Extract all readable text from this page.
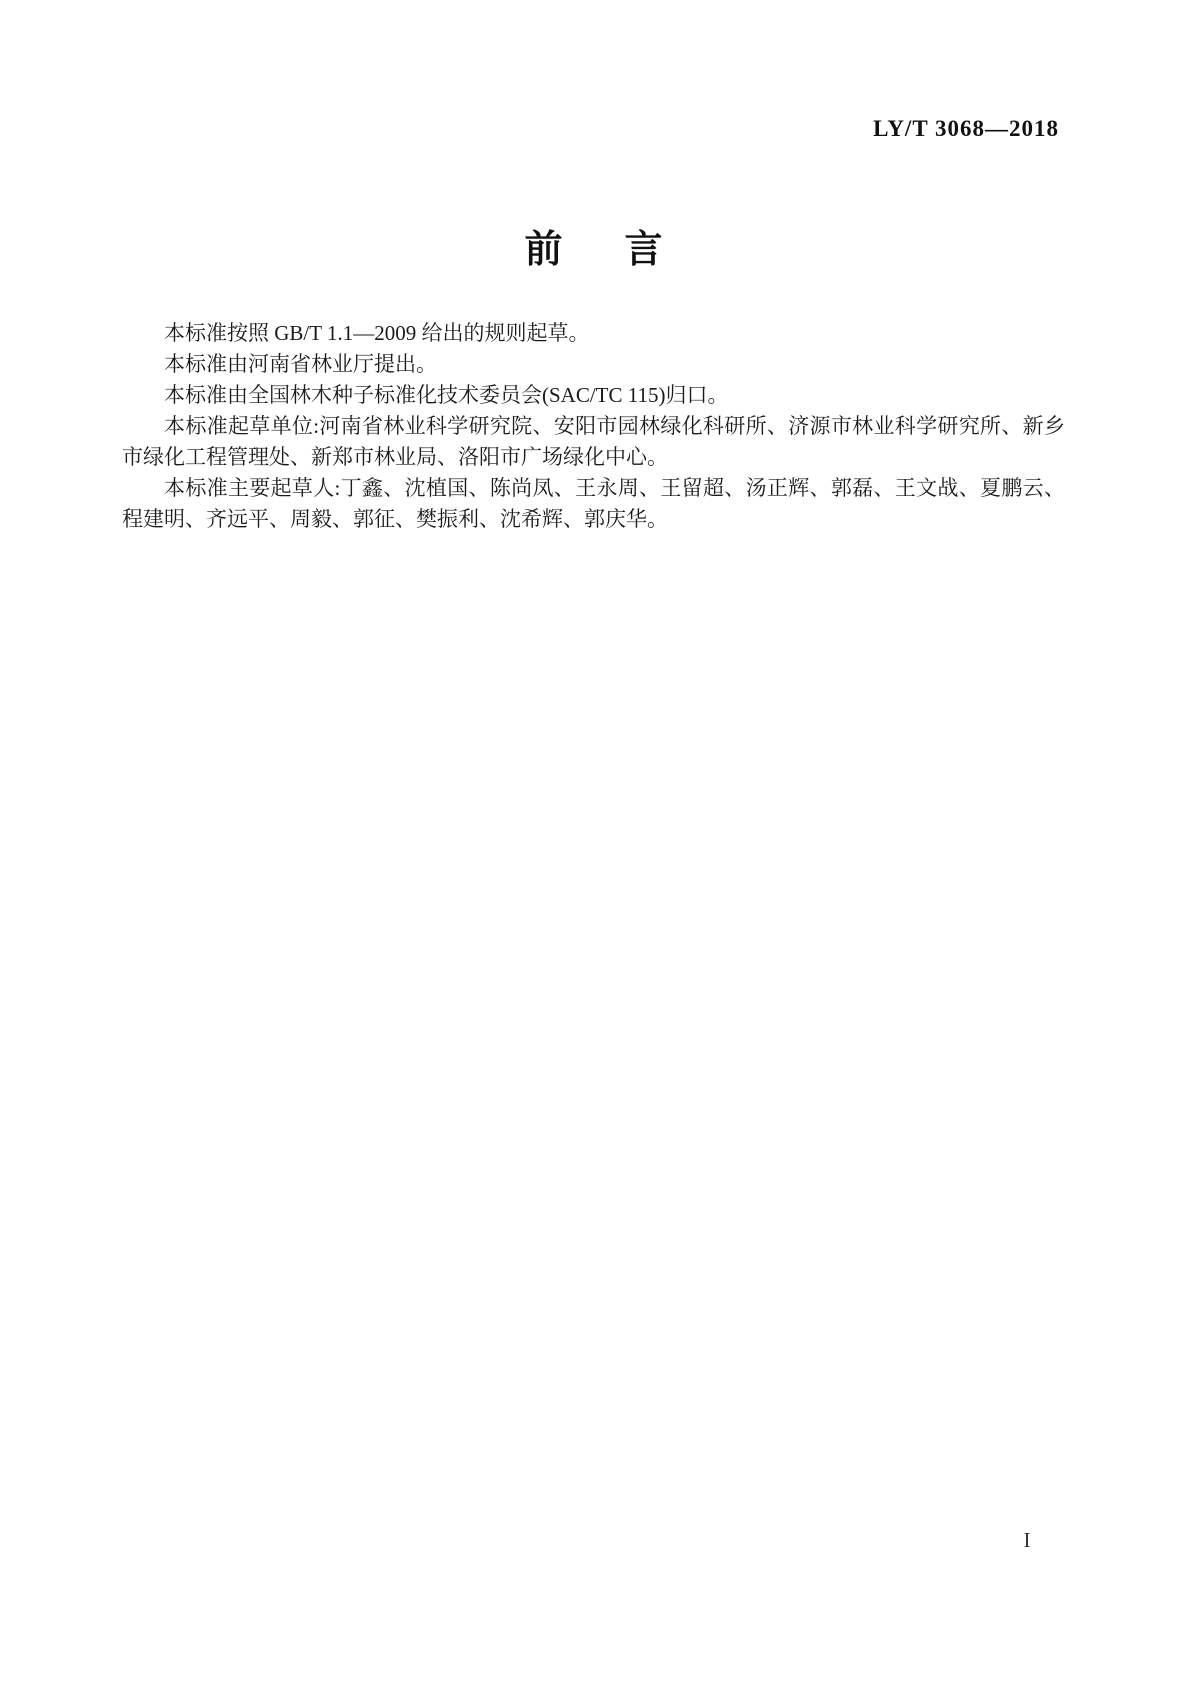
LY/T 3068—2018
前 言

本标准按照 GB/T 1.1—2009 给出的规则起草。

本标准由河南省林业厅提出。

本标准由全国林木种子标准化技术委员会(SAC/TC 115)归口。

本标准起草单位:河南省林业科学研究院、安阳市园林绿化科研所、济源市林业科学研究所、新乡市绿化工程管理处、新郑市林业局、洛阳市广场绿化中心。

本标准主要起草人:丁鑫、沈植国、陈尚凤、王永周、王留超、汤正辉、郭磊、王文战、夏鹏云、程建明、齐远平、周毅、郭征、樊振利、沈希辉、郭庆华。

I
